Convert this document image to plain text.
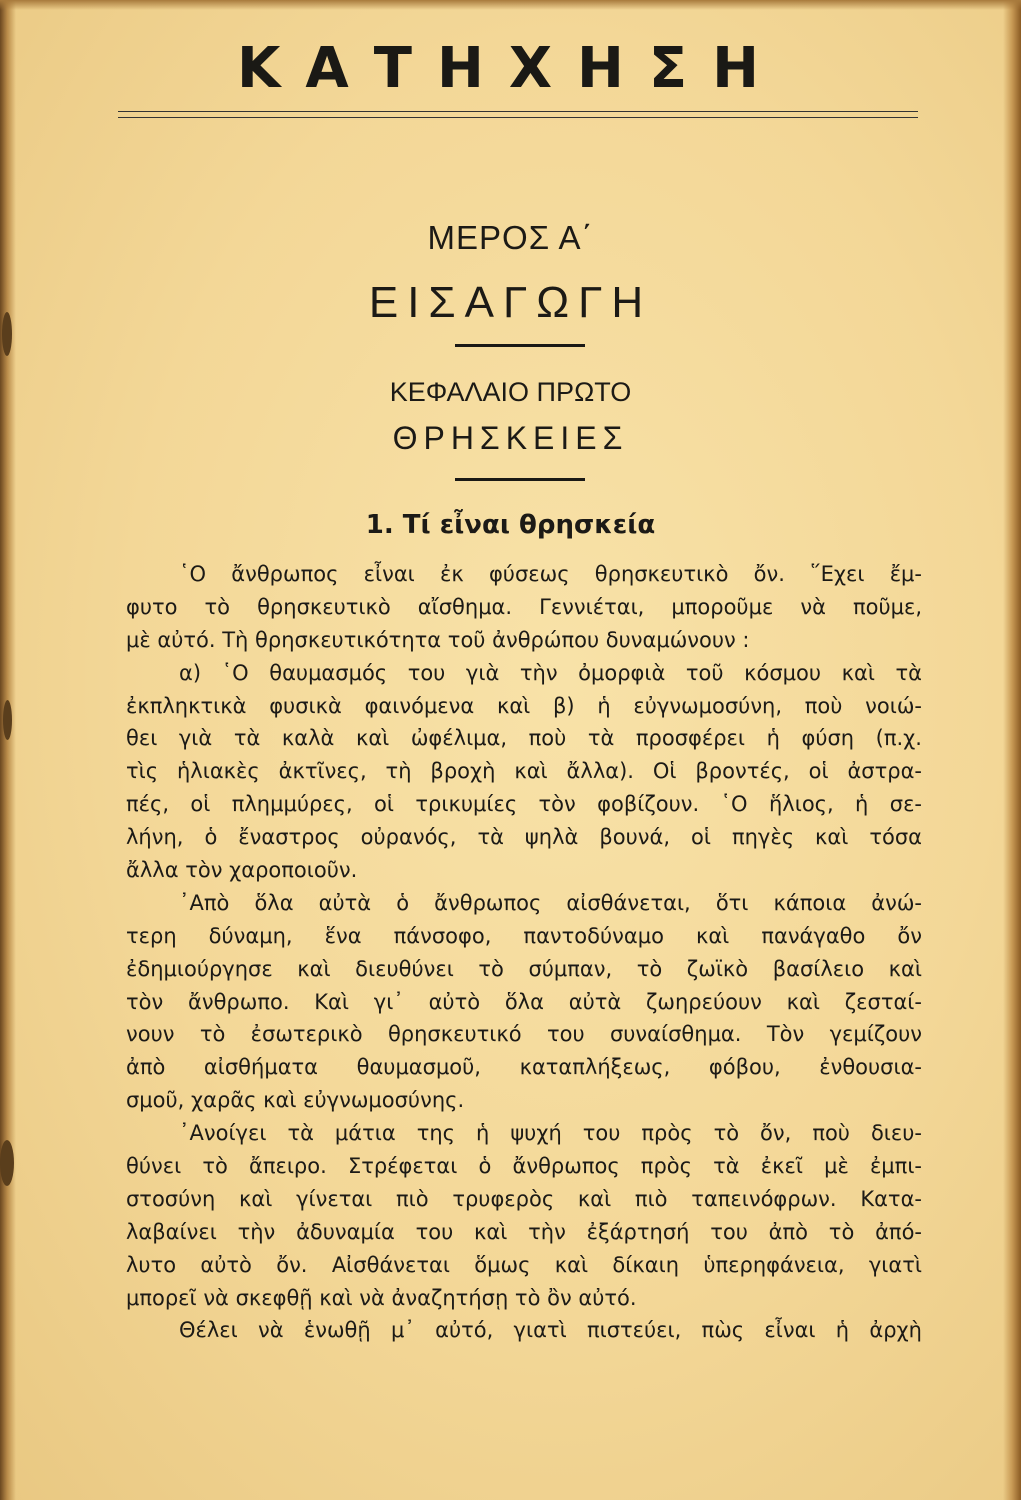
ΚΑΤΗΧΗΣΗ
ΜΕΡΟΣ Α΄
ΕΙΣΑΓΩΓΗ
ΚΕΦΑΛΑΙΟ ΠΡΩΤΟ
ΘΡΗΣΚΕΙΕΣ
1. Τί εἶναι θρησκεία
῾Ο ἄνθρωπος εἶναι ἐκ φύσεως θρησκευτικὸ ὄν. ῞Εχει ἔμ-
φυτο τὸ θρησκευτικὸ αἴσθημα. Γεννιέται, μποροῦμε νὰ ποῦμε,
μὲ αὐτό. Τὴ θρησκευτικότητα τοῦ ἀνθρώπου δυναμώνουν :
α) ῾Ο θαυμασμός του γιὰ τὴν ὀμορφιὰ τοῦ κόσμου καὶ τὰ
ἐκπληκτικὰ φυσικὰ φαινόμενα καὶ β) ἡ εὐγνωμοσύνη, ποὺ νοιώ-
θει γιὰ τὰ καλὰ καὶ ὠφέλιμα, ποὺ τὰ προσφέρει ἡ φύση (π.χ.
τὶς ἡλιακὲς ἀκτῖνες, τὴ βροχὴ καὶ ἄλλα). Οἱ βροντές, οἱ ἀστρα-
πές, οἱ πλημμύρες, οἱ τρικυμίες τὸν φοβίζουν. ῾Ο ἥλιος, ἡ σε-
λήνη, ὁ ἔναστρος οὐρανός, τὰ ψηλὰ βουνά, οἱ πηγὲς καὶ τόσα
ἄλλα τὸν χαροποιοῦν.
᾿Απὸ ὅλα αὐτὰ ὁ ἄνθρωπος αἰσθάνεται, ὅτι κάποια ἀνώ-
τερη δύναμη, ἕνα πάνσοφο, παντοδύναμο καὶ πανάγαθο ὄν
ἐδημιούργησε καὶ διευθύνει τὸ σύμπαν, τὸ ζωϊκὸ βασίλειο καὶ
τὸν ἄνθρωπο. Καὶ γι᾿ αὐτὸ ὅλα αὐτὰ ζωηρεύουν καὶ ζεσταί-
νουν τὸ ἐσωτερικὸ θρησκευτικό του συναίσθημα. Τὸν γεμίζουν
ἀπὸ αἰσθήματα θαυμασμοῦ, καταπλήξεως, φόβου, ἐνθουσια-
σμοῦ, χαρᾶς καὶ εὐγνωμοσύνης.
᾿Ανοίγει τὰ μάτια της ἡ ψυχή του πρὸς τὸ ὄν, ποὺ διευ-
θύνει τὸ ἄπειρο. Στρέφεται ὁ ἄνθρωπος πρὸς τὰ ἐκεῖ μὲ ἐμπι-
στοσύνη καὶ γίνεται πιὸ τρυφερὸς καὶ πιὸ ταπεινόφρων. Κατα-
λαβαίνει τὴν ἀδυναμία του καὶ τὴν ἐξάρτησή του ἀπὸ τὸ ἀπό-
λυτο αὐτὸ ὄν. Αἰσθάνεται ὅμως καὶ δίκαιη ὑπερηφάνεια, γιατὶ
μπορεῖ νὰ σκεφθῇ καὶ νὰ ἀναζητήσῃ τὸ ὂν αὐτό.
Θέλει νὰ ἑνωθῇ μ᾿ αὐτό, γιατὶ πιστεύει, πὼς εἶναι ἡ ἀρχὴ
